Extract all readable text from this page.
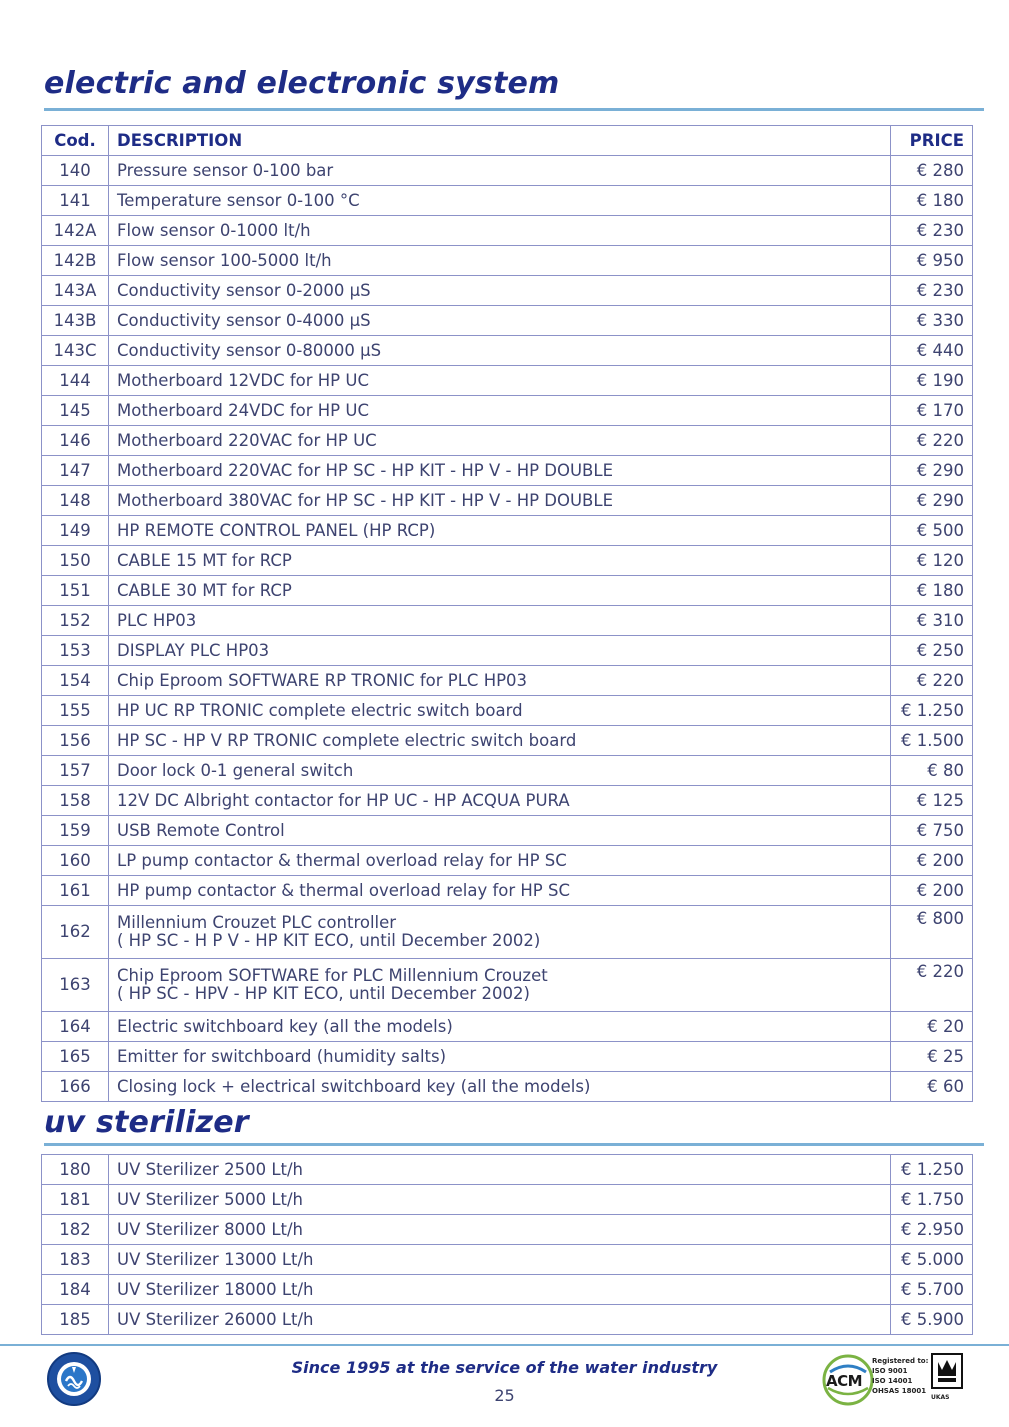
electric and electronic system
Cod.	DESCRIPTION	PRICE
140	Pressure sensor 0-100 bar	€ 280
141	Temperature sensor 0-100 °C	€ 180
142A	Flow sensor 0-1000 lt/h	€ 230
142B	Flow sensor 100-5000 lt/h	€ 950
143A	Conductivity sensor 0-2000 µS	€ 230
143B	Conductivity sensor 0-4000 µS	€ 330
143C	Conductivity sensor 0-80000 µS	€ 440
144	Motherboard 12VDC for HP UC	€ 190
145	Motherboard 24VDC for HP UC	€ 170
146	Motherboard 220VAC for HP UC	€ 220
147	Motherboard 220VAC for HP SC - HP KIT - HP V - HP DOUBLE	€ 290
148	Motherboard 380VAC for HP SC - HP KIT - HP V - HP DOUBLE	€ 290
149	HP REMOTE CONTROL PANEL (HP RCP)	€ 500
150	CABLE 15 MT for RCP	€ 120
151	CABLE 30 MT for RCP	€ 180
152	PLC HP03	€ 310
153	DISPLAY PLC HP03	€ 250
154	Chip Eproom SOFTWARE RP TRONIC for PLC HP03	€ 220
155	HP UC RP TRONIC complete electric switch board	€ 1.250
156	HP SC - HP V RP TRONIC complete electric switch board	€ 1.500
157	Door lock 0-1 general switch	€ 80
158	12V DC Albright contactor for HP UC - HP ACQUA PURA	€ 125
159	USB Remote Control	€ 750
160	LP pump contactor & thermal overload relay for HP SC	€ 200
161	HP pump contactor & thermal overload relay for HP SC	€ 200
162	Millennium Crouzet PLC controller
( HP SC - H P V - HP KIT ECO, until December 2002)	€ 800
163	Chip Eproom SOFTWARE for PLC Millennium Crouzet
( HP SC - HPV - HP KIT ECO, until December 2002)	€ 220
164	Electric switchboard key (all the models)	€ 20
165	Emitter for switchboard (humidity salts)	€ 25
166	Closing lock + electrical switchboard key (all the models)	€ 60
uv sterilizer
180	UV Sterilizer 2500 Lt/h	€ 1.250
181	UV Sterilizer 5000 Lt/h	€ 1.750
182	UV Sterilizer 8000 Lt/h	€ 2.950
183	UV Sterilizer 13000 Lt/h	€ 5.000
184	UV Sterilizer 18000 Lt/h	€ 5.700
185	UV Sterilizer 26000 Lt/h	€ 5.900
Since 1995 at the service of the water industry
25
ACM
Registered to:
ISO 9001
ISO 14001
OHSAS 18001
UKAS
